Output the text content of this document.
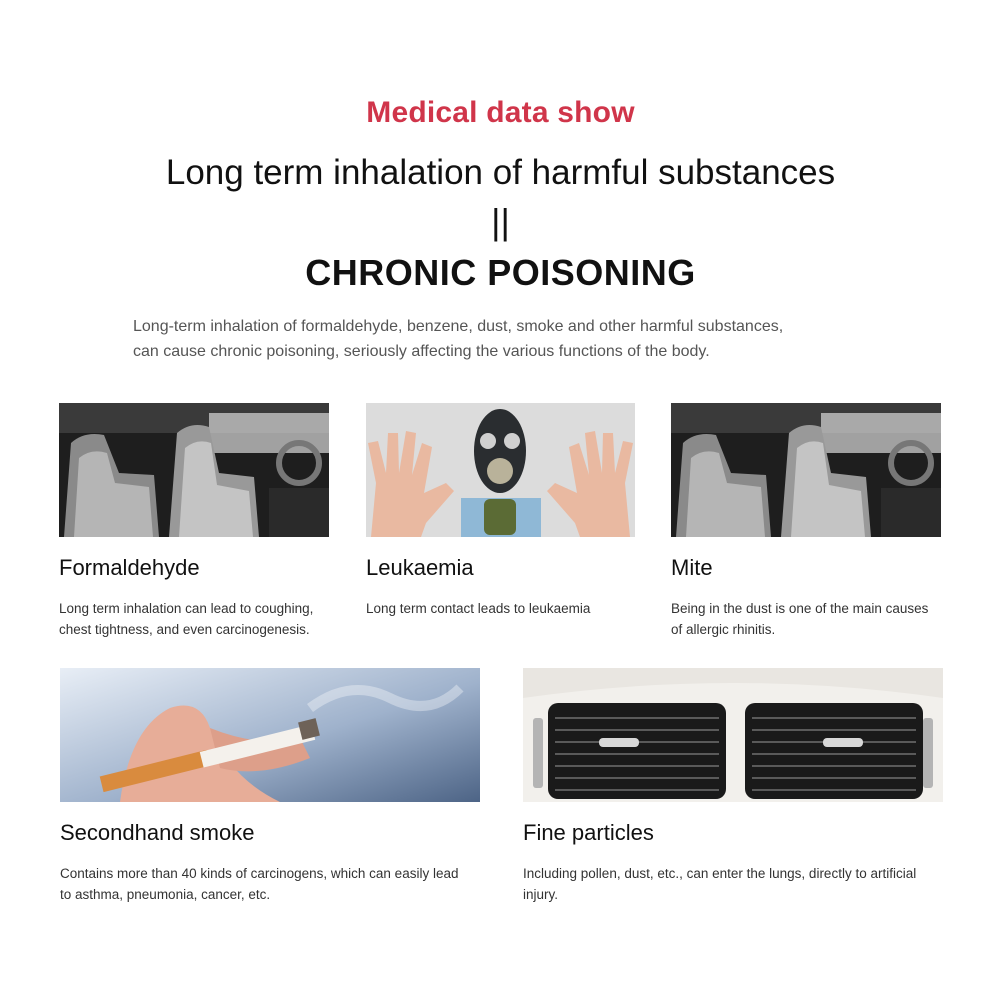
Medical data show
Long term inhalation of harmful substances
||
CHRONIC POISONING
Long-term inhalation of formaldehyde, benzene, dust, smoke and other harmful substances,
can cause chronic poisoning, seriously affecting the various functions of the body.
Formaldehyde
Long term inhalation can lead to coughing,
chest tightness, and even carcinogenesis.
Leukaemia
Long term contact leads to leukaemia
Mite
Being in the dust is one of the main causes
of allergic rhinitis.
Secondhand smoke
Contains more than 40 kinds of carcinogens, which can easily lead
to asthma, pneumonia, cancer, etc.
Fine particles
Including pollen, dust, etc., can enter the lungs, directly to artificial
injury.
